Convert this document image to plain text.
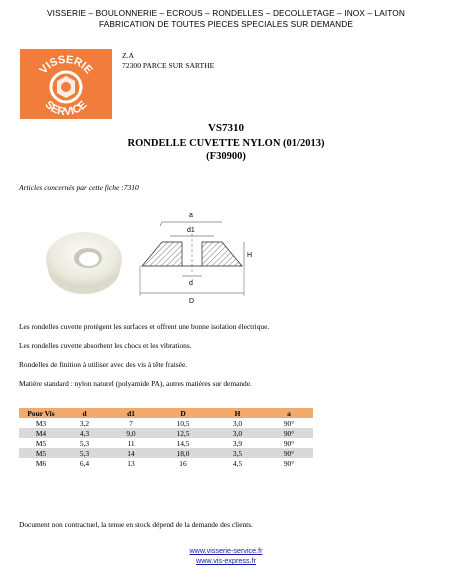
VISSERIE – BOULONNERIE – ECROUS – RONDELLES – DECOLLETAGE – INOX – LAITON
FABRICATION DE TOUTES PIECES SPECIALES SUR DEMANDE
VISSERIE
SERVICE
Z.A
72300 PARCE SUR SARTHE
VS7310
RONDELLE CUVETTE NYLON (01/2013)
(F30900)
Articles concernés par cette fiche :7310
a
d1
H
d
D
Les rondelles cuvette protègent les surfaces et offrent une bonne isolation électrique.
Les rondelles cuvette absorbent les chocs et les vibrations.
Rondelles de finition à utiliser avec des vis à tête fraisée.
Matière standard : nylon naturel (polyamide PA), autres matières sur demande.
Pour Vis	d	d1	D	H	a
M3	3,2	7	10,5	3,0	90°
M4	4,3	9,0	12,5	3,0	90°
M5	5,3	11	14,5	3,9	90°
M5	5,3	14	18,0	3,5	90°
M6	6,4	13	16	4,5	90°
Document non contractuel, la tenue en stock dépend de la demande des clients.
www.visserie-service.fr
www.vis-express.fr
